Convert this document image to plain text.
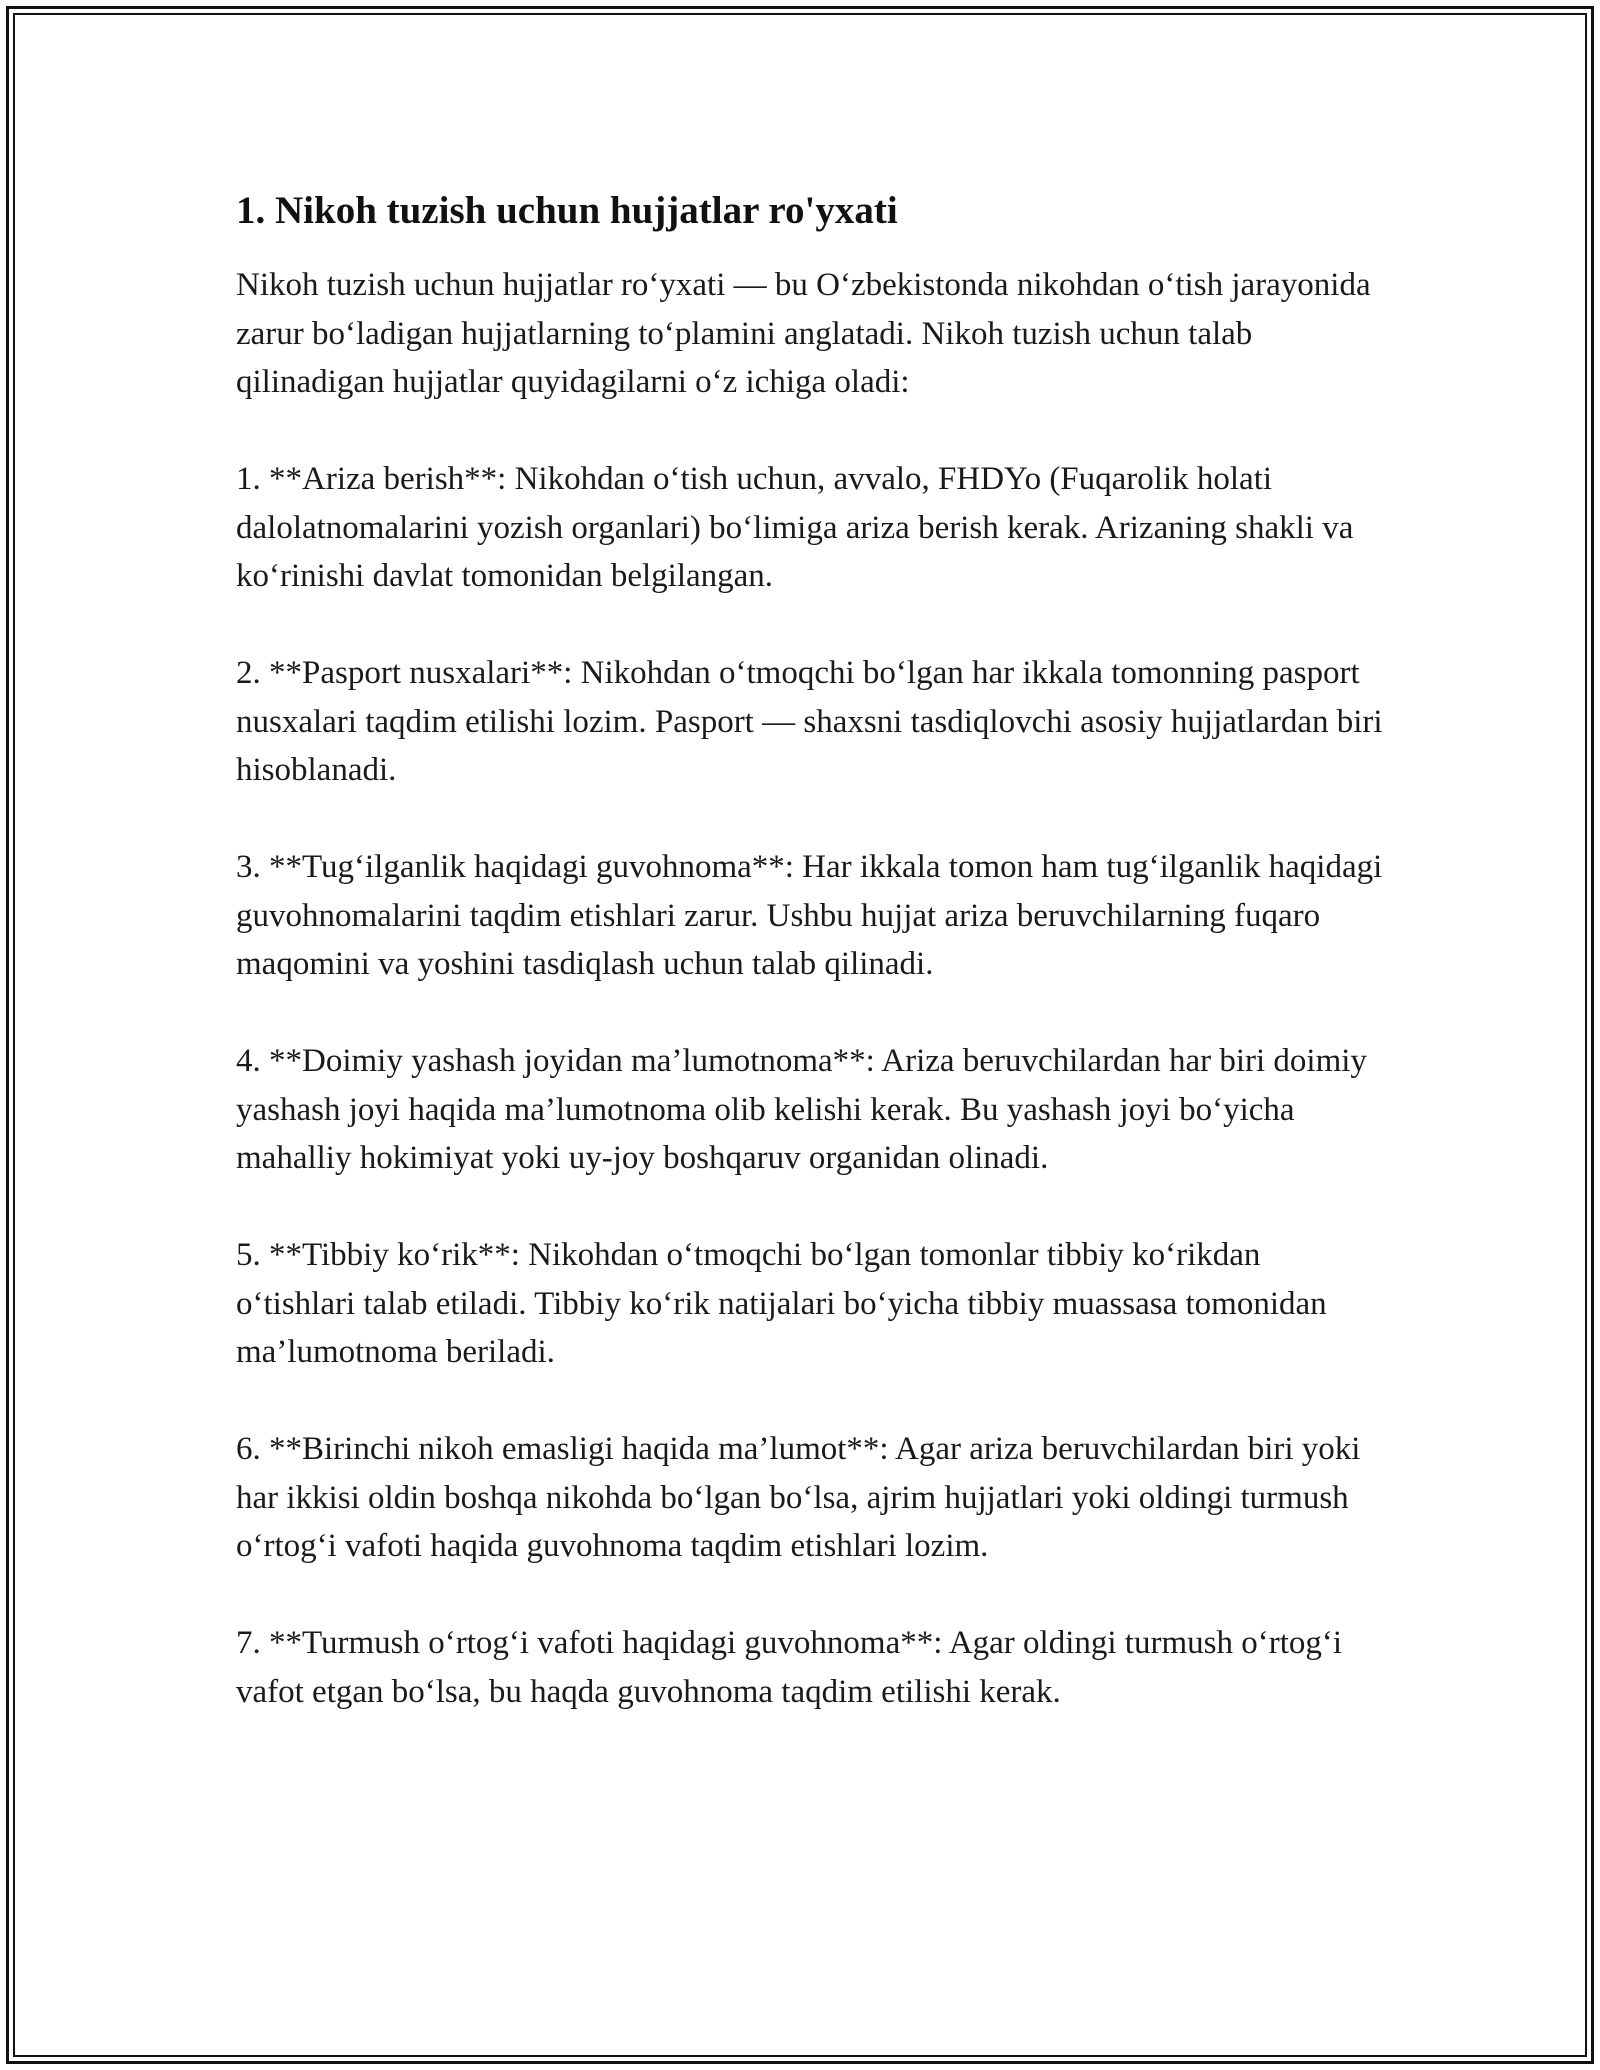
1. Nikoh tuzish uchun hujjatlar ro'yxati

Nikoh tuzish uchun hujjatlar ro‘yxati — bu O‘zbekistonda nikohdan o‘tish jarayonida zarur bo‘ladigan hujjatlarning to‘plamini anglatadi. Nikoh tuzish uchun talab qilinadigan hujjatlar quyidagilarni o‘z ichiga oladi:

1. **Ariza berish**: Nikohdan o‘tish uchun, avvalo, FHDYo (Fuqarolik holati dalolatnomalarini yozish organlari) bo‘limiga ariza berish kerak. Arizaning shakli va ko‘rinishi davlat tomonidan belgilangan.

2. **Pasport nusxalari**: Nikohdan o‘tmoqchi bo‘lgan har ikkala tomonning pasport nusxalari taqdim etilishi lozim. Pasport — shaxsni tasdiqlovchi asosiy hujjatlardan biri hisoblanadi.

3. **Tug‘ilganlik haqidagi guvohnoma**: Har ikkala tomon ham tug‘ilganlik haqidagi guvohnomalarini taqdim etishlari zarur. Ushbu hujjat ariza beruvchilarning fuqaro maqomini va yoshini tasdiqlash uchun talab qilinadi.

4. **Doimiy yashash joyidan ma’lumotnoma**: Ariza beruvchilardan har biri doimiy yashash joyi haqida ma’lumotnoma olib kelishi kerak. Bu yashash joyi bo‘yicha mahalliy hokimiyat yoki uy-joy boshqaruv organidan olinadi.

5. **Tibbiy ko‘rik**: Nikohdan o‘tmoqchi bo‘lgan tomonlar tibbiy ko‘rikdan o‘tishlari talab etiladi. Tibbiy ko‘rik natijalari bo‘yicha tibbiy muassasa tomonidan ma’lumotnoma beriladi.

6. **Birinchi nikoh emasligi haqida ma’lumot**: Agar ariza beruvchilardan biri yoki har ikkisi oldin boshqa nikohda bo‘lgan bo‘lsa, ajrim hujjatlari yoki oldingi turmush o‘rtog‘i vafoti haqida guvohnoma taqdim etishlari lozim.

7. **Turmush o‘rtog‘i vafoti haqidagi guvohnoma**: Agar oldingi turmush o‘rtog‘i vafot etgan bo‘lsa, bu haqda guvohnoma taqdim etilishi kerak.
